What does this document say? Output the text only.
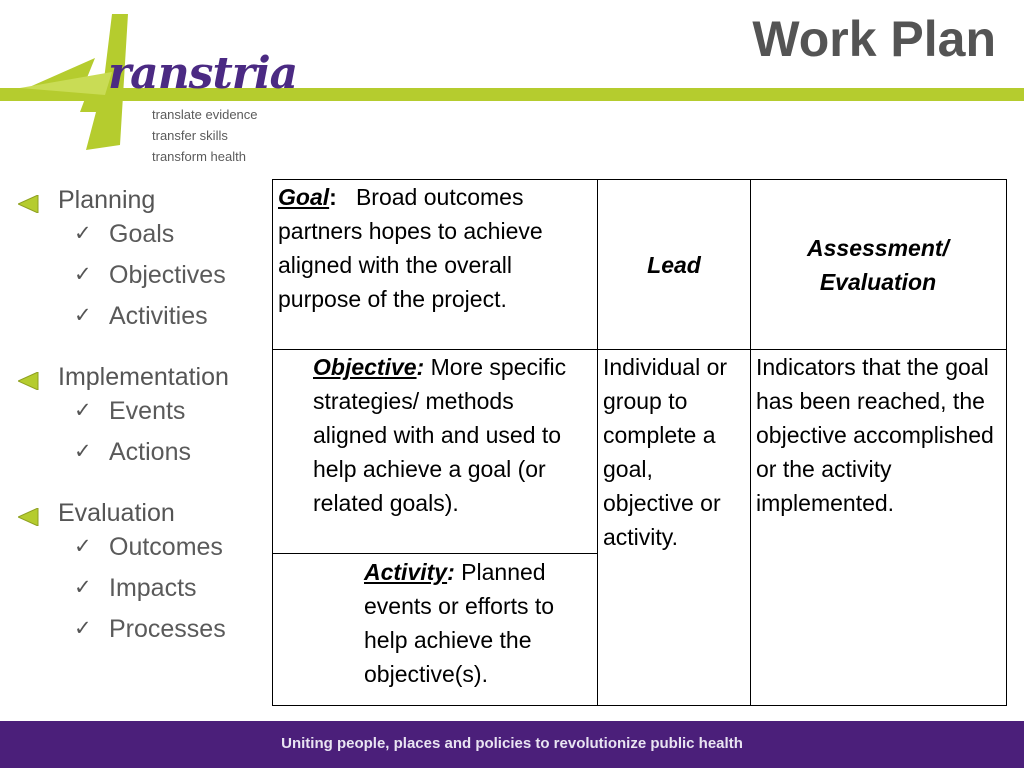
ranstria
translate evidence
transfer skills
transform health
Work Plan
Planning
✓ Goals
✓ Objectives
✓ Activities
Implementation
✓ Events
✓ Actions
Evaluation
✓ Outcomes
✓ Impacts
✓ Processes
Goal: Broad outcomes partners hopes to achieve aligned with the overall purpose of the project.
Lead
Assessment/ Evaluation
Objective: More specific strategies/ methods aligned with and used to help achieve a goal (or related goals).
Individual or group to complete a goal, objective or activity.
Indicators that the goal has been reached, the objective accomplished or the activity implemented.
Activity: Planned events or efforts to help achieve the objective(s).
Uniting people, places and policies to revolutionize public health
